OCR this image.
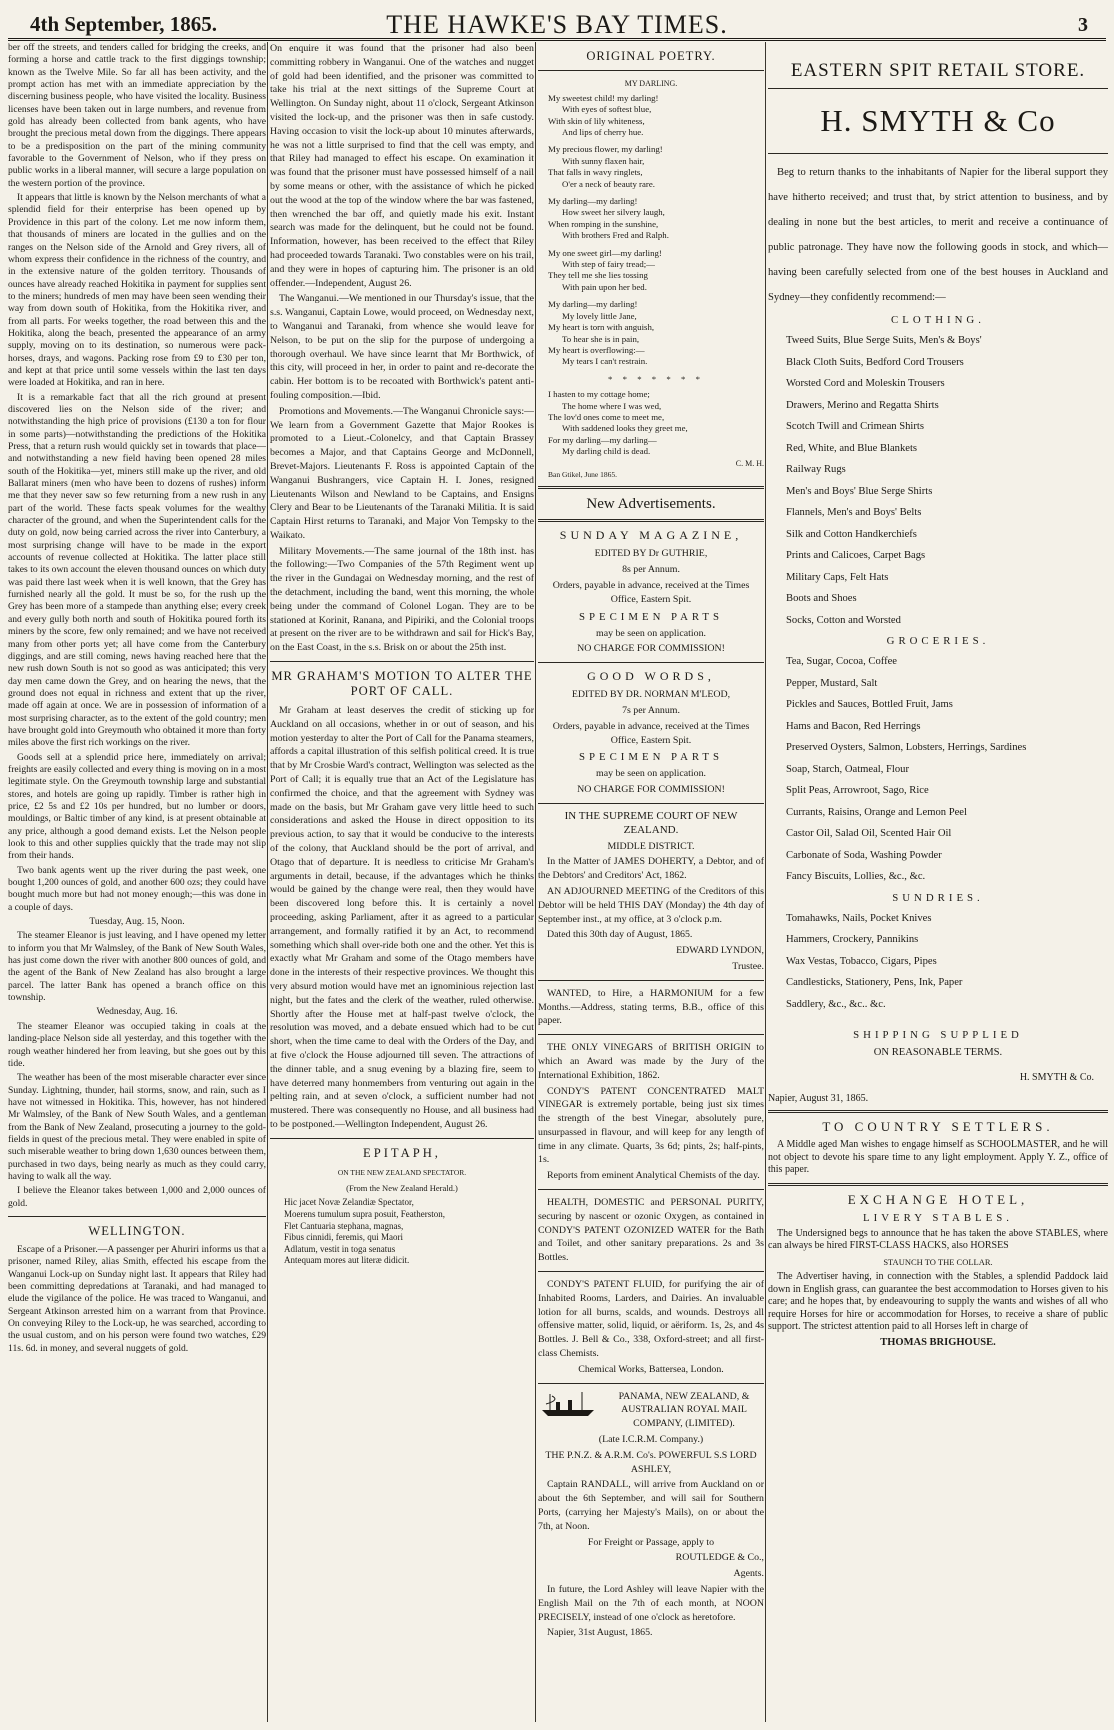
4th September, 1865.	THE HAWKE'S BAY TIMES.	3

ber off the streets, and tenders called for bridging the creeks, and forming a horse and cattle track to the first diggings township; known as the Twelve Mile. So far all has been activity, and the prompt action has met with an immediate appreciation by the discerning business people, who have visited the locality. Business licenses have been taken out in large numbers, and revenue from gold has already been collected from bank agents, who have brought the precious metal down from the diggings. There appears to be a predisposition on the part of the mining community favorable to the Government of Nelson, who if they press on public works in a liberal manner, will secure a large population on the western portion of the province.

It appears that little is known by the Nelson merchants of what a splendid field for their enterprise has been opened up by Providence in this part of the colony. Let me now inform them, that thousands of miners are located in the gullies and on the ranges on the Nelson side of the Arnold and Grey rivers, all of whom express their confidence in the richness of the country, and in the extensive nature of the golden territory. Thousands of ounces have already reached Hokitika in payment for supplies sent to the miners; hundreds of men may have been seen wending their way from down south of Hokitika, from the Hokitika river, and from all parts. For weeks together, the road between this and the Hokitika, along the beach, presented the appearance of an army supply, moving on to its destination, so numerous were pack-horses, drays, and wagons. Packing rose from £9 to £30 per ton, and kept at that price until some vessels within the last ten days were loaded at Hokitika, and ran in here.

It is a remarkable fact that all the rich ground at present discovered lies on the Nelson side of the river; and notwithstanding the high price of provisions (£130 a ton for flour in some parts)—notwithstanding the predictions of the Hokitika Press, that a return rush would quickly set in towards that place—and notwithstanding a new field having been opened 28 miles south of the Hokitika—yet, miners still make up the river, and old Ballarat miners (men who have been to dozens of rushes) inform me that they never saw so few returning from a new rush in any part of the world. These facts speak volumes for the wealthy character of the ground, and when the Superintendent calls for the duty on gold, now being carried across the river into Canterbury, a most surprising change will have to be made in the export accounts of revenue collected at Hokitika. The latter place still takes to its own account the eleven thousand ounces on which duty was paid there last week when it is well known, that the Grey has furnished nearly all the gold. It must be so, for the rush up the Grey has been more of a stampede than anything else; every creek and every gully both north and south of Hokitika poured forth its miners by the score, few only remained; and we have not received many from other ports yet; all have come from the Canterbury diggings, and are still coming, news having reached here that the new rush down South is not so good as was anticipated; this very day men came down the Grey, and on hearing the news, that the ground does not equal in richness and extent that up the river, made off again at once. We are in possession of information of a most surprising character, as to the extent of the gold country; men have brought gold into Greymouth who obtained it more than forty miles above the first rich workings on the river.

Goods sell at a splendid price here, immediately on arrival; freights are easily collected and every thing is moving on in a most legitimate style. On the Greymouth township large and substantial stores, and hotels are going up rapidly. Timber is rather high in price, £2 5s and £2 10s per hundred, but no lumber or doors, mouldings, or Baltic timber of any kind, is at present obtainable at any price, although a good demand exists. Let the Nelson people look to this and other supplies quickly that the trade may not slip from their hands.

Two bank agents went up the river during the past week, one bought 1,200 ounces of gold, and another 600 ozs; they could have bought much more but had not money enough;—this was done in a couple of days.

Tuesday, Aug. 15, Noon.

The steamer Eleanor is just leaving, and I have opened my letter to inform you that Mr Walmsley, of the Bank of New South Wales, has just come down the river with another 800 ounces of gold, and the agent of the Bank of New Zealand has also brought a large parcel. The latter Bank has opened a branch office on this township.

Wednesday, Aug. 16.

The steamer Eleanor was occupied taking in coals at the landing-place Nelson side all yesterday, and this together with the rough weather hindered her from leaving, but she goes out by this tide.

The weather has been of the most miserable character ever since Sunday. Lightning, thunder, hail storms, snow, and rain, such as I have not witnessed in Hokitika. This, however, has not hindered Mr Walmsley, of the Bank of New South Wales, and a gentleman from the Bank of New Zealand, prosecuting a journey to the gold-fields in quest of the precious metal. They were enabled in spite of such miserable weather to bring down 1,630 ounces between them, purchased in two days, being nearly as much as they could carry, having to walk all the way.

I believe the Eleanor takes between 1,000 and 2,000 ounces of gold.

WELLINGTON.

Escape of a Prisoner.—A passenger per Ahuriri informs us that a prisoner, named Riley, alias Smith, effected his escape from the Wanganui Lock-up on Sunday night last. It appears that Riley had been committing depredations at Taranaki, and had managed to elude the vigilance of the police. He was traced to Wanganui, and Sergeant Atkinson arrested him on a warrant from that Province. On conveying Riley to the Lock-up, he was searched, according to the usual custom, and on his person were found two watches, £29 11s. 6d. in money, and several nuggets of gold.

On enquire it was found that the prisoner had also been committing robbery in Wanganui. One of the watches and nugget of gold had been identified, and the prisoner was committed to take his trial at the next sittings of the Supreme Court at Wellington. On Sunday night, about 11 o'clock, Sergeant Atkinson visited the lock-up, and the prisoner was then in safe custody. Having occasion to visit the lock-up about 10 minutes afterwards, he was not a little surprised to find that the cell was empty, and that Riley had managed to effect his escape. On examination it was found that the prisoner must have possessed himself of a nail by some means or other, with the assistance of which he picked out the wood at the top of the window where the bar was fastened, then wrenched the bar off, and quietly made his exit. Instant search was made for the delinquent, but he could not be found. Information, however, has been received to the effect that Riley had proceeded towards Taranaki. Two constables were on his trail, and they were in hopes of capturing him. The prisoner is an old offender.—Independent, August 26.

The Wanganui.—We mentioned in our Thursday's issue, that the s.s. Wanganui, Captain Lowe, would proceed, on Wednesday next, to Wanganui and Taranaki, from whence she would leave for Nelson, to be put on the slip for the purpose of undergoing a thorough overhaul. We have since learnt that Mr Borthwick, of this city, will proceed in her, in order to paint and re-decorate the cabin. Her bottom is to be recoated with Borthwick's patent anti-fouling composition.—Ibid.

Promotions and Movements.—The Wanganui Chronicle says:—We learn from a Government Gazette that Major Rookes is promoted to a Lieut.-Colonelcy, and that Captain Brassey becomes a Major, and that Captains George and McDonnell, Brevet-Majors. Lieutenants F. Ross is appointed Captain of the Wanganui Bushrangers, vice Captain H. I. Jones, resigned Lieutenants Wilson and Newland to be Captains, and Ensigns Clery and Bear to be Lieutenants of the Taranaki Militia. It is said Captain Hirst returns to Taranaki, and Major Von Tempsky to the Waikato.

Military Movements.—The same journal of the 18th inst. has the following:—Two Companies of the 57th Regiment went up the river in the Gundagai on Wednesday morning, and the rest of the detachment, including the band, went this morning, the whole being under the command of Colonel Logan. They are to be stationed at Korinit, Ranana, and Pipiriki, and the Colonial troops at present on the river are to be withdrawn and sail for Hick's Bay, on the East Coast, in the s.s. Brisk on or about the 25th inst.

MR GRAHAM'S MOTION TO ALTER THE PORT OF CALL.

Mr Graham at least deserves the credit of sticking up for Auckland on all occasions, whether in or out of season, and his motion yesterday to alter the Port of Call for the Panama steamers, affords a capital illustration of this selfish political creed. It is true that by Mr Crosbie Ward's contract, Wellington was selected as the Port of Call; it is equally true that an Act of the Legislature has confirmed the choice, and that the agreement with Sydney was made on the basis, but Mr Graham gave very little heed to such considerations and asked the House in direct opposition to its previous action, to say that it would be conducive to the interests of the colony, that Auckland should be the port of arrival, and Otago that of departure. It is needless to criticise Mr Graham's arguments in detail, because, if the advantages which he thinks would be gained by the change were real, then they would have been discovered long before this. It is certainly a novel proceeding, asking Parliament, after it as agreed to a particular arrangement, and formally ratified it by an Act, to recommend something which shall over-ride both one and the other. Yet this is exactly what Mr Graham and some of the Otago members have done in the interests of their respective provinces. We thought this very absurd motion would have met an ignominious rejection last night, but the fates and the clerk of the weather, ruled otherwise. Shortly after the House met at half-past twelve o'clock, the resolution was moved, and a debate ensued which had to be cut short, when the time came to deal with the Orders of the Day, and at five o'clock the House adjourned till seven. The attractions of the dinner table, and a snug evening by a blazing fire, seem to have deterred many honmembers from venturing out again in the pelting rain, and at seven o'clock, a sufficient number had not mustered. There was consequently no House, and all business had to be postponed.—Wellington Independent, August 26.

EPITAPH,

ON THE NEW ZEALAND SPECTATOR.

(From the New Zealand Herald.)

Hic jacet Novæ Zelandiæ Spectator,
Moerens tumulum supra posuit, Featherston,
Flet Cantuaria stephana, magnas,
Fibus cinnidi, feremis, qui Maori
Adlatum, vestit in toga senatus
Antequam mores aut literæ didicit.
ORIGINAL POETRY.

MY DARLING.

My sweetest child! my darling!
With eyes of softest blue,
With skin of lily whiteness,
And lips of cherry hue.
My precious flower, my darling!
With sunny flaxen hair,
That falls in wavy ringlets,
O'er a neck of beauty rare.
My darling—my darling!
How sweet her silvery laugh,
When romping in the sunshine,
With brothers Fred and Ralph.
My one sweet girl—my darling!
With step of fairy tread;—
They tell me she lies tossing
With pain upon her bed.
My darling—my darling!
My lovely little Jane,
My heart is torn with anguish,
To hear she is in pain,
My heart is overflowing:—
My tears I can't restrain.
* * * * * * *
I hasten to my cottage home;
The home where I was wed,
The lov'd ones come to meet me,
With saddened looks they greet me,
For my darling—my darling—
My darling child is dead.
C. M. H.
Ban Gtikel, June 1865.
New Advertisements.
SUNDAY MAGAZINE,

EDITED BY Dr GUTHRIE,

8s per Annum.

Orders, payable in advance, received at the Times Office, Eastern Spit.

SPECIMEN PARTS

may be seen on application.

NO CHARGE FOR COMMISSION!

GOOD WORDS,

EDITED BY DR. NORMAN M'LEOD,

7s per Annum.

Orders, payable in advance, received at the Times Office, Eastern Spit.

SPECIMEN PARTS

may be seen on application.

NO CHARGE FOR COMMISSION!

IN THE SUPREME COURT OF NEW ZEALAND.

MIDDLE DISTRICT.

In the Matter of JAMES DOHERTY, a Debtor, and of the Debtors' and Creditors' Act, 1862.

AN ADJOURNED MEETING of the Creditors of this Debtor will be held THIS DAY (Monday) the 4th day of September inst., at my office, at 3 o'clock p.m.

Dated this 30th day of August, 1865.

EDWARD LYNDON,

Trustee.

WANTED, to Hire, a HARMONIUM for a few Months.—Address, stating terms, B.B., office of this paper.

THE ONLY VINEGARS of BRITISH ORIGIN to which an Award was made by the Jury of the International Exhibition, 1862.

CONDY'S PATENT CONCENTRATED MALT VINEGAR is extremely portable, being just six times the strength of the best Vinegar, absolutely pure, unsurpassed in flavour, and will keep for any length of time in any climate. Quarts, 3s 6d; pints, 2s; half-pints, 1s.

Reports from eminent Analytical Chemists of the day.

HEALTH, DOMESTIC and PERSONAL PURITY, securing by nascent or ozonic Oxygen, as contained in CONDY'S PATENT OZONIZED WATER for the Bath and Toilet, and other sanitary preparations. 2s and 3s Bottles.

CONDY'S PATENT FLUID, for purifying the air of Inhabited Rooms, Larders, and Dairies. An invaluable lotion for all burns, scalds, and wounds. Destroys all offensive matter, solid, liquid, or aëriform. 1s, 2s, and 4s Bottles. J. Bell & Co., 338, Oxford-street; and all first-class Chemists.

Chemical Works, Battersea, London.

PANAMA, NEW ZEALAND, & AUSTRALIAN ROYAL MAIL COMPANY, (LIMITED).

(Late I.C.R.M. Company.)

THE P.N.Z. & A.R.M. Co's. POWERFUL S.S LORD ASHLEY,

Captain RANDALL, will arrive from Auckland on or about the 6th September, and will sail for Southern Ports, (carrying her Majesty's Mails), on or about the 7th, at Noon.

For Freight or Passage, apply to

ROUTLEDGE & Co.,

Agents.

In future, the Lord Ashley will leave Napier with the English Mail on the 7th of each month, at NOON PRECISELY, instead of one o'clock as heretofore.

Napier, 31st August, 1865.

EASTERN SPIT RETAIL STORE.
H. SMYTH & Co

Beg to return thanks to the inhabitants of Napier for the liberal support they have hitherto received; and trust that, by strict attention to business, and by dealing in none but the best articles, to merit and receive a continuance of public patronage. They have now the following goods in stock, and which—having been carefully selected from one of the best houses in Auckland and Sydney—they confidently recommend:—

CLOTHING.
Tweed Suits, Blue Serge Suits, Men's & Boys'
Black Cloth Suits, Bedford Cord Trousers
Worsted Cord and Moleskin Trousers
Drawers, Merino and Regatta Shirts
Scotch Twill and Crimean Shirts
Red, White, and Blue Blankets
Railway Rugs
Men's and Boys' Blue Serge Shirts
Flannels, Men's and Boys' Belts
Silk and Cotton Handkerchiefs
Prints and Calicoes, Carpet Bags
Military Caps, Felt Hats
Boots and Shoes
Socks, Cotton and Worsted
GROCERIES.
Tea, Sugar, Cocoa, Coffee
Pepper, Mustard, Salt
Pickles and Sauces, Bottled Fruit, Jams
Hams and Bacon, Red Herrings
Preserved Oysters, Salmon, Lobsters, Herrings, Sardines
Soap, Starch, Oatmeal, Flour
Split Peas, Arrowroot, Sago, Rice
Currants, Raisins, Orange and Lemon Peel
Castor Oil, Salad Oil, Scented Hair Oil
Carbonate of Soda, Washing Powder
Fancy Biscuits, Lollies, &c., &c.
SUNDRIES.
Tomahawks, Nails, Pocket Knives
Hammers, Crockery, Pannikins
Wax Vestas, Tobacco, Cigars, Pipes
Candlesticks, Stationery, Pens, Ink, Paper
Saddlery, &c., &c.. &c.
SHIPPING SUPPLIED
ON REASONABLE TERMS.
H. SMYTH & Co.
Napier, August 31, 1865.
TO COUNTRY SETTLERS.

A Middle aged Man wishes to engage himself as SCHOOLMASTER, and he will not object to devote his spare time to any light employment. Apply Y. Z., office of this paper.

EXCHANGE HOTEL,
LIVERY STABLES.

The Undersigned begs to announce that he has taken the above STABLES, where can always be hired FIRST-CLASS HACKS, also HORSES

STAUNCH TO THE COLLAR.

The Advertiser having, in connection with the Stables, a splendid Paddock laid down in English grass, can guarantee the best accommodation to Horses given to his care; and he hopes that, by endeavouring to supply the wants and wishes of all who require Horses for hire or accommodation for Horses, to receive a share of public support. The strictest attention paid to all Horses left in charge of

THOMAS BRIGHOUSE.
